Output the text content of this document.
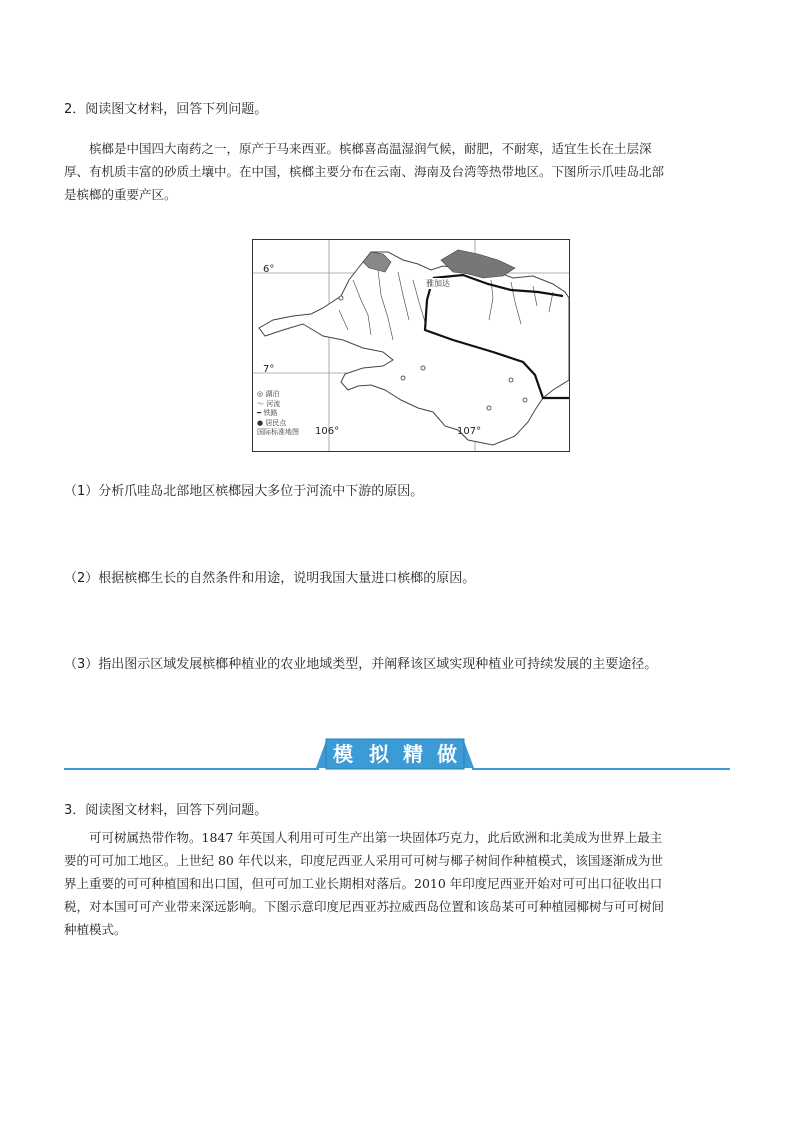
2．阅读图文材料，回答下列问题。
槟榔是中国四大南药之一，原产于马来西亚。槟榔喜高温湿润气候，耐肥，不耐寒，适宜生长在土层深
厚、有机质丰富的砂质土壤中。在中国，槟榔主要分布在云南、海南及台湾等热带地区。下图所示爪哇岛北部
是槟榔的重要产区。
6°
7°
106°	107°
雅加达
◎ 湖泊
〜 河流
━ 铁路
● 居民点
国际标准地图
（1）分析爪哇岛北部地区槟榔园大多位于河流中下游的原因。
（2）根据槟榔生长的自然条件和用途，说明我国大量进口槟榔的原因。
（3）指出图示区域发展槟榔种植业的农业地域类型，并阐释该区域实现种植业可持续发展的主要途径。
模 拟 精 做
3．阅读图文材料，回答下列问题。
可可树属热带作物。1847 年英国人利用可可生产出第一块固体巧克力，此后欧洲和北美成为世界上最主
要的可可加工地区。上世纪 80 年代以来，印度尼西亚人采用可可树与椰子树间作种植模式，该国逐渐成为世
界上重要的可可种植国和出口国，但可可加工业长期相对落后。2010 年印度尼西亚开始对可可出口征收出口
税，对本国可可产业带来深远影响。下图示意印度尼西亚苏拉威西岛位置和该岛某可可种植园椰树与可可树间
种植模式。
